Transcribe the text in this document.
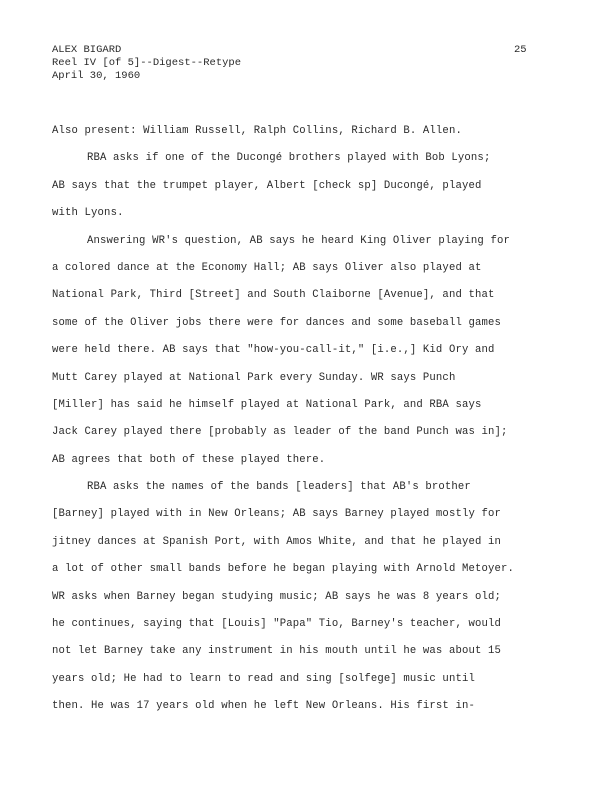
ALEX BIGARD
Reel IV [of 5]--Digest--Retype
April 30, 1960
25
Also present: William Russell, Ralph Collins, Richard B. Allen.
RBA asks if one of the Ducongé brothers played with Bob Lyons;
AB says that the trumpet player, Albert [check sp] Ducongé, played
with Lyons.
Answering WR's question, AB says he heard King Oliver playing for
a colored dance at the Economy Hall; AB says Oliver also played at
National Park, Third [Street] and South Claiborne [Avenue], and that
some of the Oliver jobs there were for dances and some baseball games
were held there. AB says that "how-you-call-it," [i.e.,] Kid Ory and
Mutt Carey played at National Park every Sunday. WR says Punch
[Miller] has said he himself played at National Park, and RBA says
Jack Carey played there [probably as leader of the band Punch was in];
AB agrees that both of these played there.
RBA asks the names of the bands [leaders] that AB's brother
[Barney] played with in New Orleans; AB says Barney played mostly for
jitney dances at Spanish Port, with Amos White, and that he played in
a lot of other small bands before he began playing with Arnold Metoyer.
WR asks when Barney began studying music; AB says he was 8 years old;
he continues, saying that [Louis] "Papa" Tio, Barney's teacher, would
not let Barney take any instrument in his mouth until he was about 15
years old; He had to learn to read and sing [solfege] music until
then. He was 17 years old when he left New Orleans. His first in-
